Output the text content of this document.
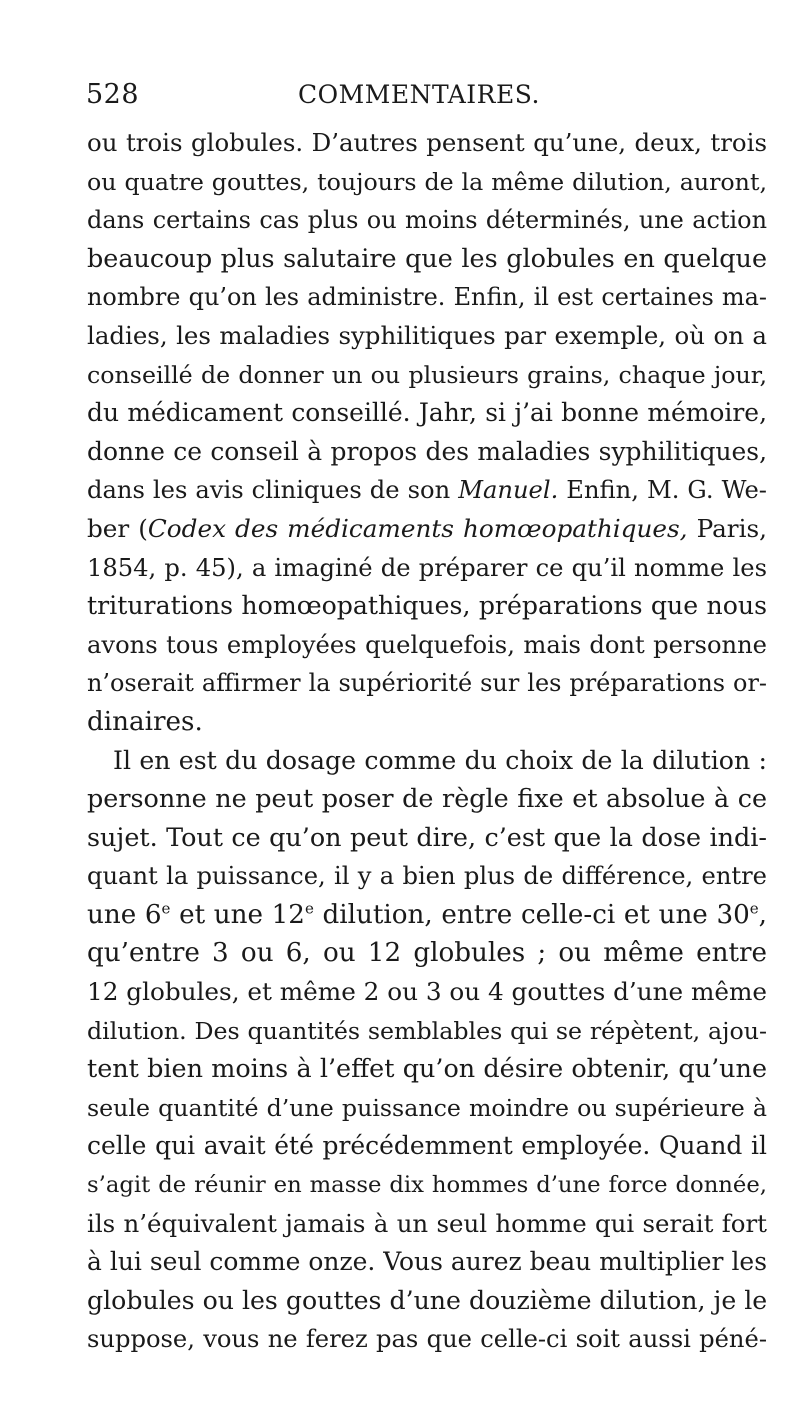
528	COMMENTAIRES.
ou trois globules. D’autres pensent qu’une, deux, trois
ou quatre gouttes, toujours de la même dilution, auront,
dans certains cas plus ou moins déterminés, une action
beaucoup plus salutaire que les globules en quelque
nombre qu’on les administre. Enfin, il est certaines ma-
ladies, les maladies syphilitiques par exemple, où on a
conseillé de donner un ou plusieurs grains, chaque jour,
du médicament conseillé. Jahr, si j’ai bonne mémoire,
donne ce conseil à propos des maladies syphilitiques,
dans les avis cliniques de son Manuel. Enfin, M. G. We-
ber (Codex des médicaments homœopathiques, Paris,
1854, p. 45), a imaginé de préparer ce qu’il nomme les
triturations homœopathiques, préparations que nous
avons tous employées quelquefois, mais dont personne
n’oserait affirmer la supériorité sur les préparations or-
dinaires.
Il en est du dosage comme du choix de la dilution :
personne ne peut poser de règle fixe et absolue à ce
sujet. Tout ce qu’on peut dire, c’est que la dose indi-
quant la puissance, il y a bien plus de différence, entre
une 6e et une 12e dilution, entre celle-ci et une 30e,
qu’entre 3 ou 6, ou 12 globules ; ou même entre
12 globules, et même 2 ou 3 ou 4 gouttes d’une même
dilution. Des quantités semblables qui se répètent, ajou-
tent bien moins à l’effet qu’on désire obtenir, qu’une
seule quantité d’une puissance moindre ou supérieure à
celle qui avait été précédemment employée. Quand il
s’agit de réunir en masse dix hommes d’une force donnée,
ils n’équivalent jamais à un seul homme qui serait fort
à lui seul comme onze. Vous aurez beau multiplier les
globules ou les gouttes d’une douzième dilution, je le
suppose, vous ne ferez pas que celle-ci soit aussi péné-
